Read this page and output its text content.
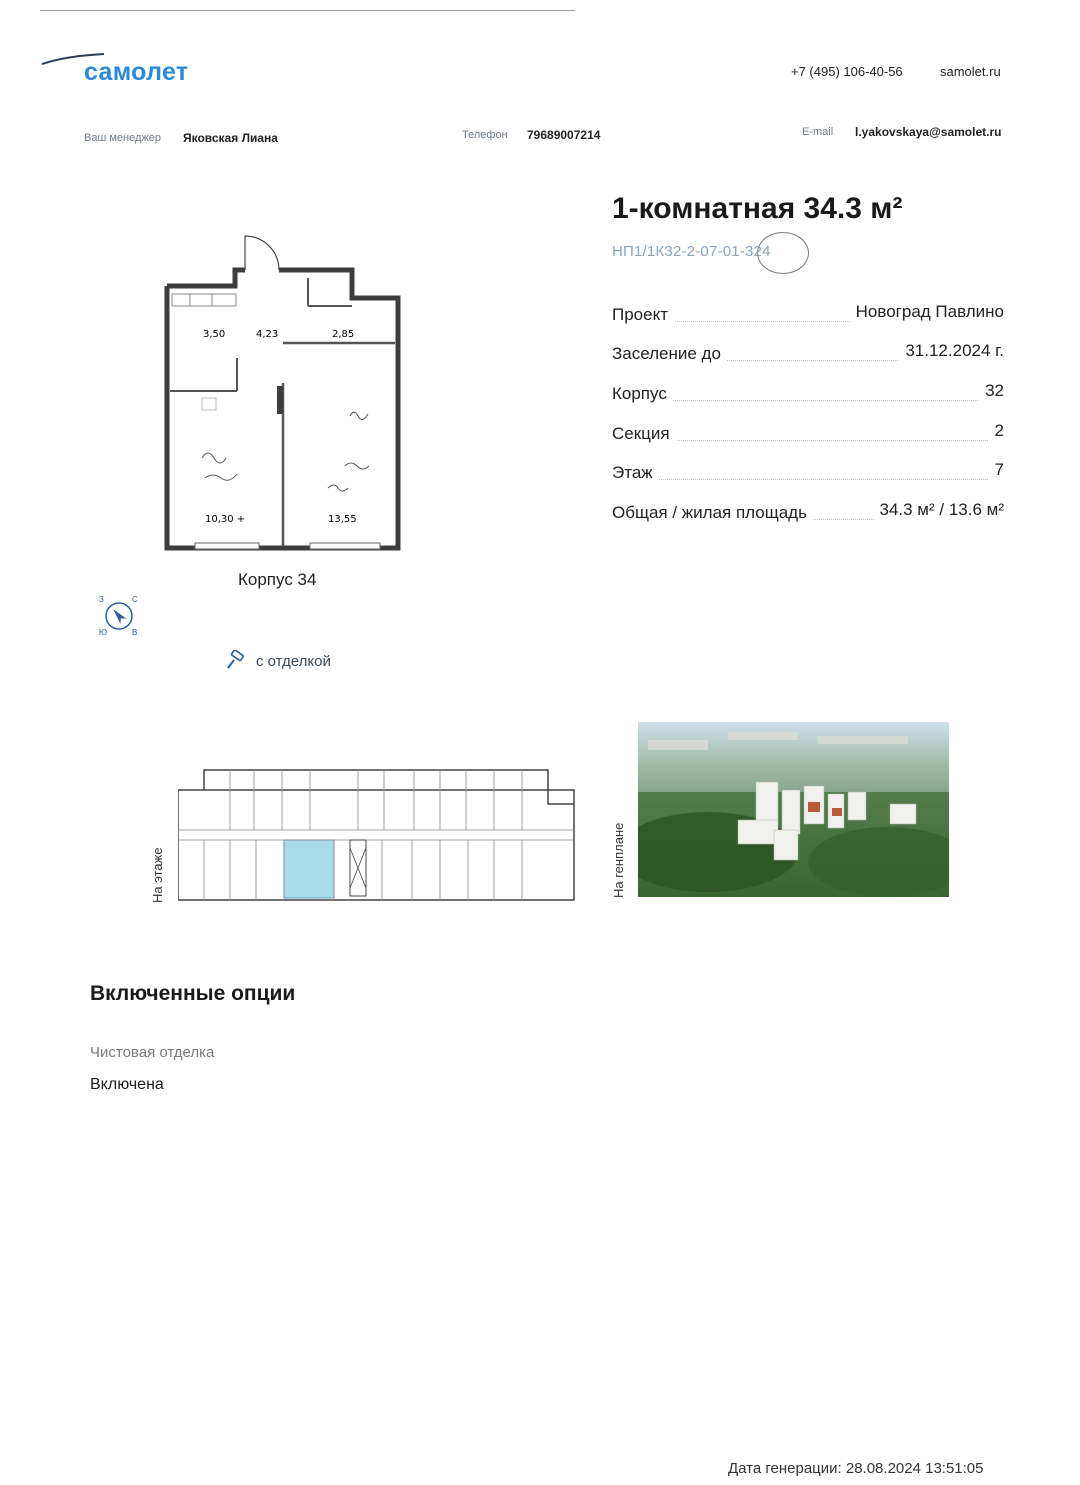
самолет	+7 (495) 106-40-56	samolet.ru
Ваш менеджер Яковская Лиана	Телефон 79689007214	E-mail l.yakovskaya@samolet.ru
1-комнатная 34.3 м²
НП1/1К32-2-07-01-324
Проект	Новоград Павлино
Заселение до	31.12.2024 г.
Корпус	32
Секция	2
Этаж	7
Общая / жилая площадь	34.3 м² / 13.6 м²
3,50	4,23	2,85
10,30 +	13,55
Корпус 34
З	С
Ю	В
с отделкой
На этаже	На генплане
Включенные опции
Чистовая отделка
Включена
Дата генерации: 28.08.2024 13:51:05
